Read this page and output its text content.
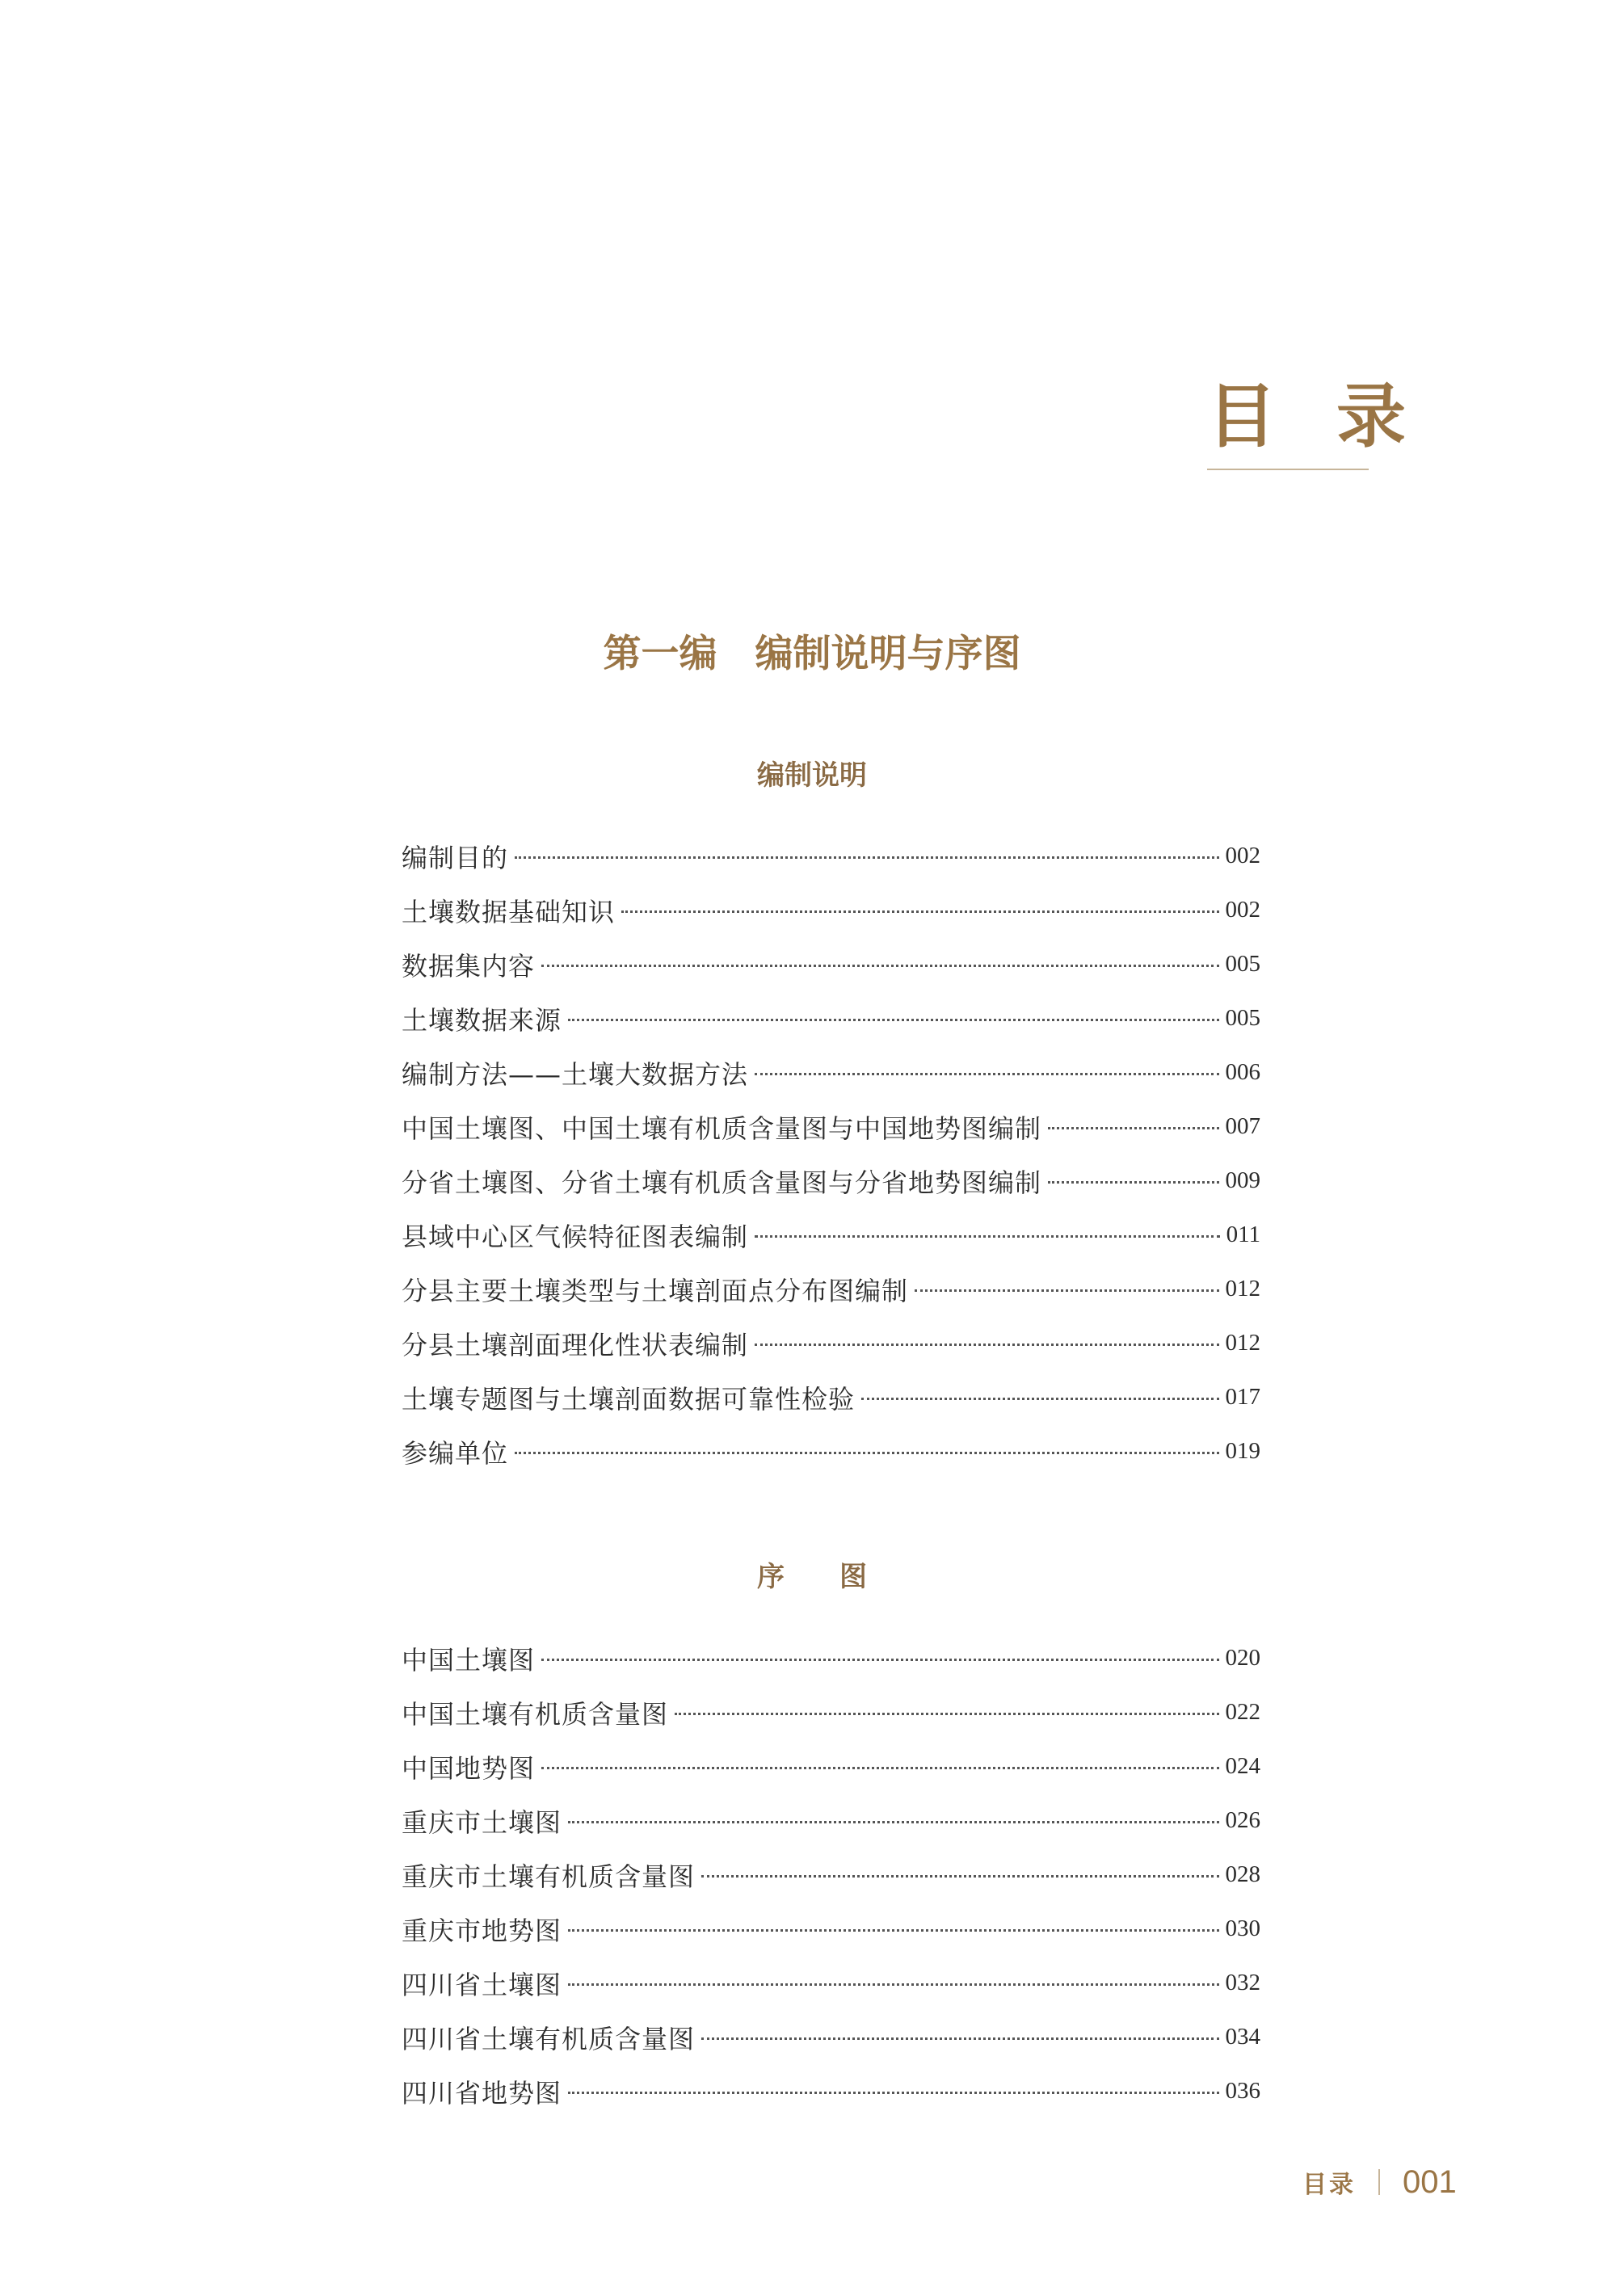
目 录
第一编　编制说明与序图
编制说明
编制目的	002
土壤数据基础知识	002
数据集内容	005
土壤数据来源	005
编制方法——土壤大数据方法	006
中国土壤图、中国土壤有机质含量图与中国地势图编制	007
分省土壤图、分省土壤有机质含量图与分省地势图编制	009
县域中心区气候特征图表编制	011
分县主要土壤类型与土壤剖面点分布图编制	012
分县土壤剖面理化性状表编制	012
土壤专题图与土壤剖面数据可靠性检验	017
参编单位	019
序　　图
中国土壤图	020
中国土壤有机质含量图	022
中国地势图	024
重庆市土壤图	026
重庆市土壤有机质含量图	028
重庆市地势图	030
四川省土壤图	032
四川省土壤有机质含量图	034
四川省地势图	036
目录 001
